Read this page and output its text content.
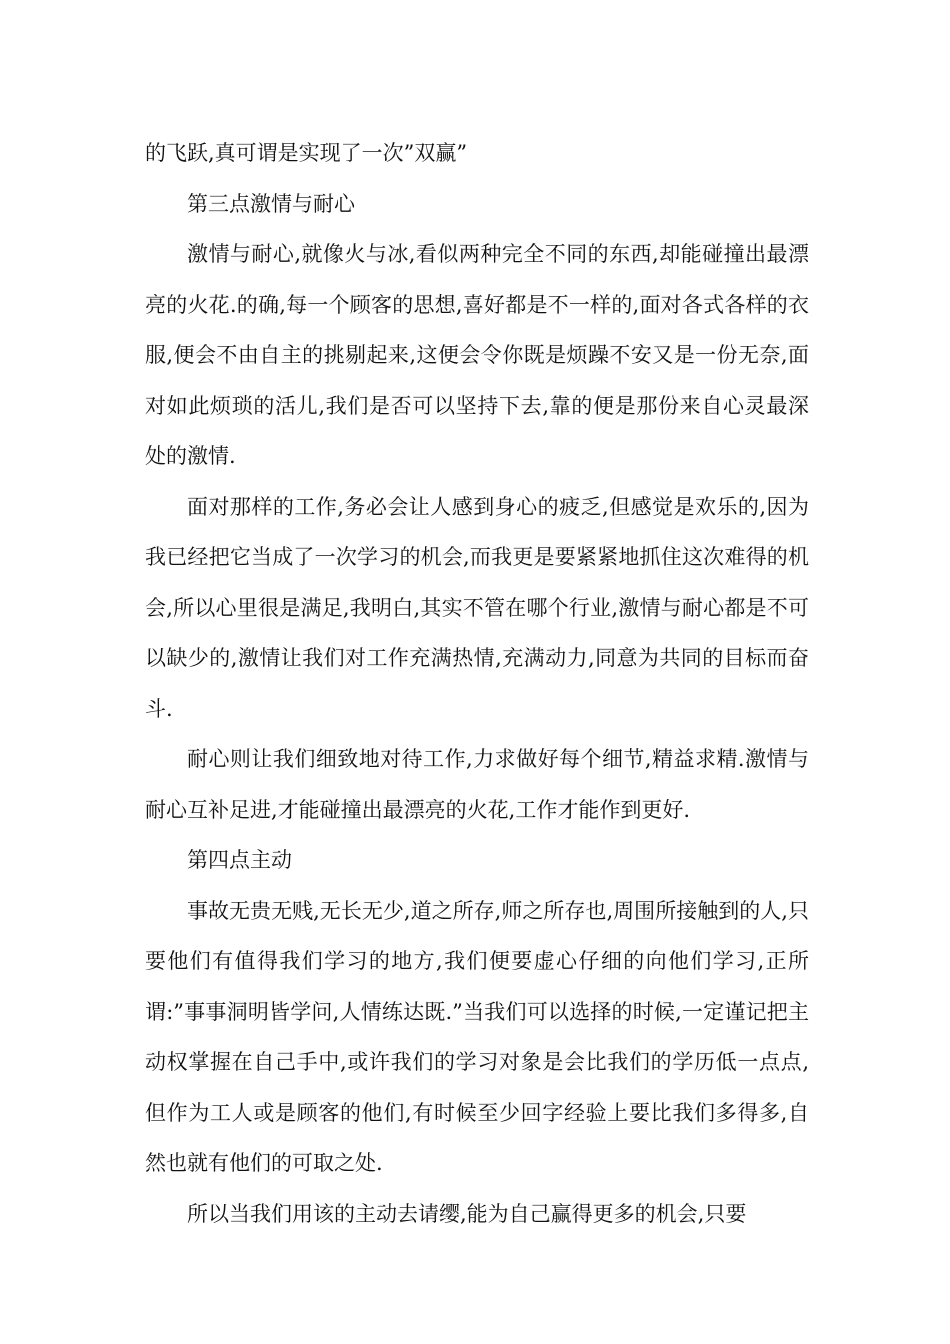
的飞跃,真可谓是实现了一次”双赢”

第三点激情与耐心

激情与耐心,就像火与冰,看似两种完全不同的东西,却能碰撞出最漂亮的火花.的确,每一个顾客的思想,喜好都是不一样的,面对各式各样的衣服,便会不由自主的挑剔起来,这便会令你既是烦躁不安又是一份无奈,面对如此烦琐的活儿,我们是否可以坚持下去,靠的便是那份来自心灵最深处的激情.

面对那样的工作,务必会让人感到身心的疲乏,但感觉是欢乐的,因为我已经把它当成了一次学习的机会,而我更是要紧紧地抓住这次难得的机会,所以心里很是满足,我明白,其实不管在哪个行业,激情与耐心都是不可以缺少的,激情让我们对工作充满热情,充满动力,同意为共同的目标而奋斗.

耐心则让我们细致地对待工作,力求做好每个细节,精益求精.激情与耐心互补足进,才能碰撞出最漂亮的火花,工作才能作到更好.

第四点主动

事故无贵无贱,无长无少,道之所存,师之所存也,周围所接触到的人,只要他们有值得我们学习的地方,我们便要虚心仔细的向他们学习,正所谓:”事事洞明皆学问,人情练达既.”当我们可以选择的时候,一定谨记把主动权掌握在自己手中,或许我们的学习对象是会比我们的学历低一点点,但作为工人或是顾客的他们,有时候至少回字经验上要比我们多得多,自然也就有他们的可取之处.

所以当我们用该的主动去请缨,能为自己赢得更多的机会,只要
